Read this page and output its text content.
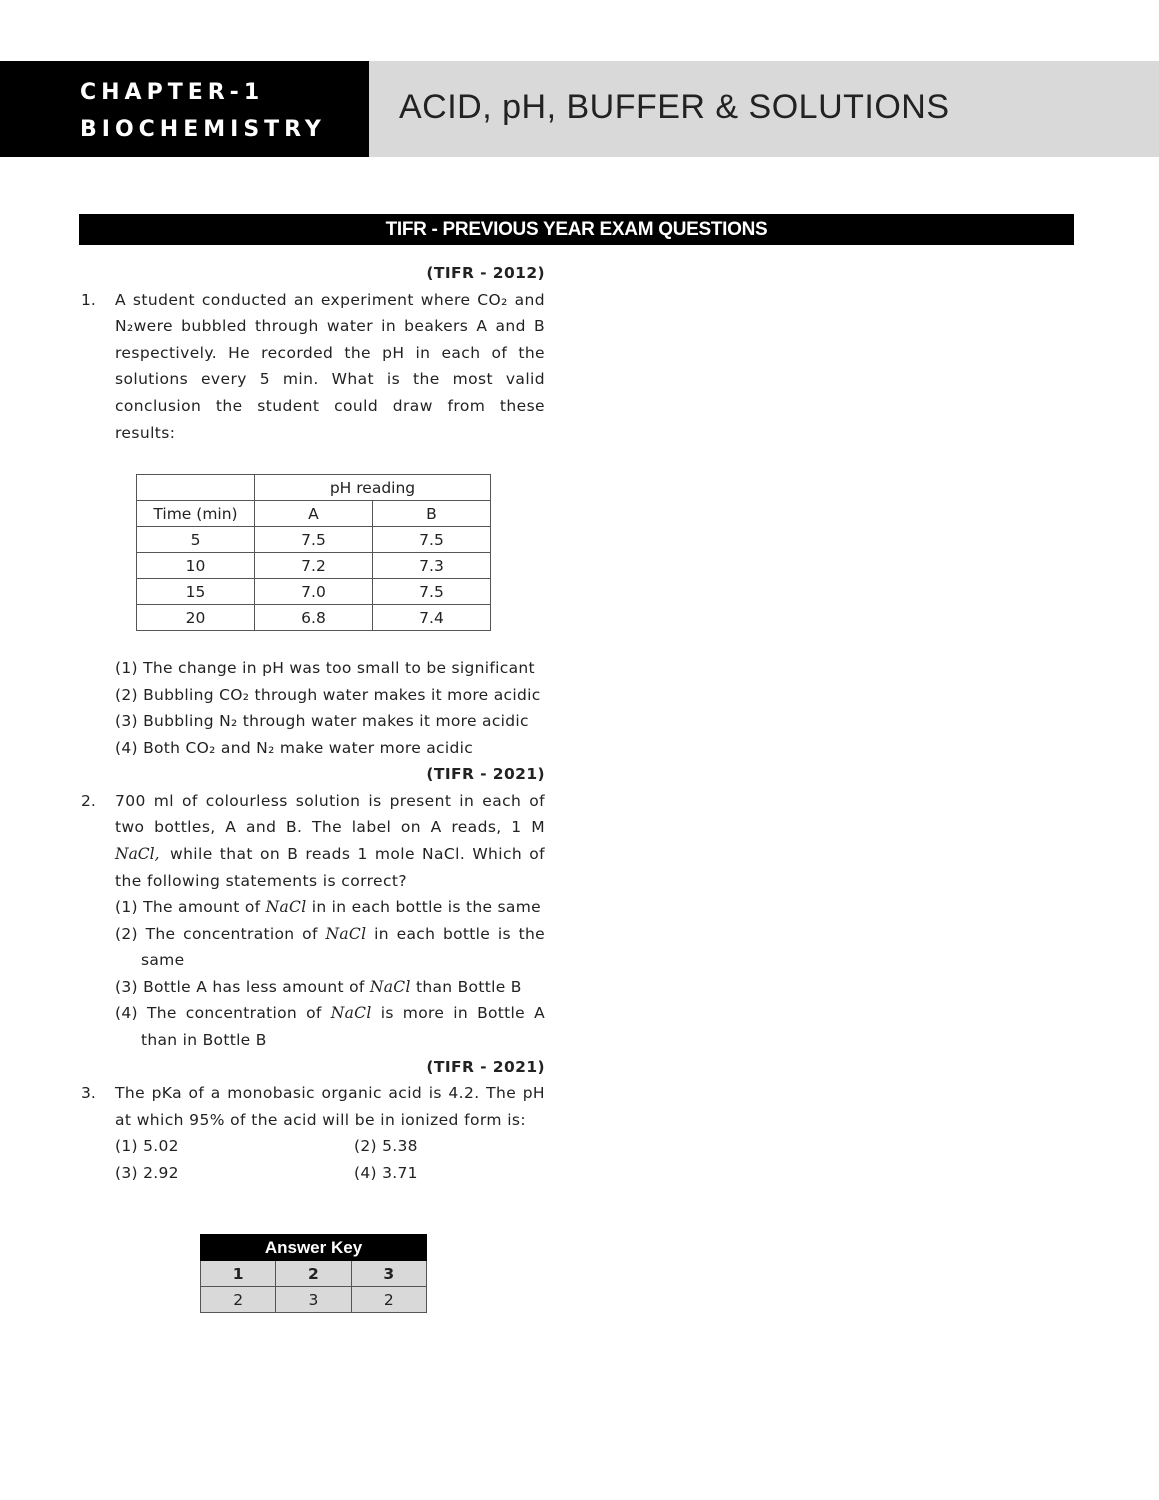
CHAPTER-1
BIOCHEMISTRY
ACID, pH, BUFFER & SOLUTIONS
TIFR - PREVIOUS YEAR EXAM QUESTIONS
(TIFR - 2012)
1. A student conducted an experiment where CO₂ and
N₂were bubbled through water in beakers A and B
respectively. He recorded the pH in each of the
solutions every 5 min. What is the most valid
conclusion the student could draw from these
results:
	pH reading	
Time (min)	A	B
5	7.5	7.5
10	7.2	7.3
15	7.0	7.5
20	6.8	7.4
(1) The change in pH was too small to be significant
(2) Bubbling CO₂ through water makes it more acidic
(3) Bubbling N₂ through water makes it more acidic
(4) Both CO₂ and N₂ make water more acidic
(TIFR - 2021)
2. 700 ml of colourless solution is present in each of
two bottles, A and B. The label on A reads, 1 M
NaCl, while that on B reads 1 mole NaCl. Which of
the following statements is correct?
(1) The amount of NaCl in in each bottle is the same
(2) The concentration of NaCl in each bottle is the
same
(3) Bottle A has less amount of NaCl than Bottle B
(4) The concentration of NaCl is more in Bottle A
than in Bottle B
(TIFR - 2021)
3. The pKa of a monobasic organic acid is 4.2. The pH
at which 95% of the acid will be in ionized form is:
(1) 5.02	(2) 5.38
(3) 2.92	(4) 3.71
Answer Key		
1	2	3
2	3	2
